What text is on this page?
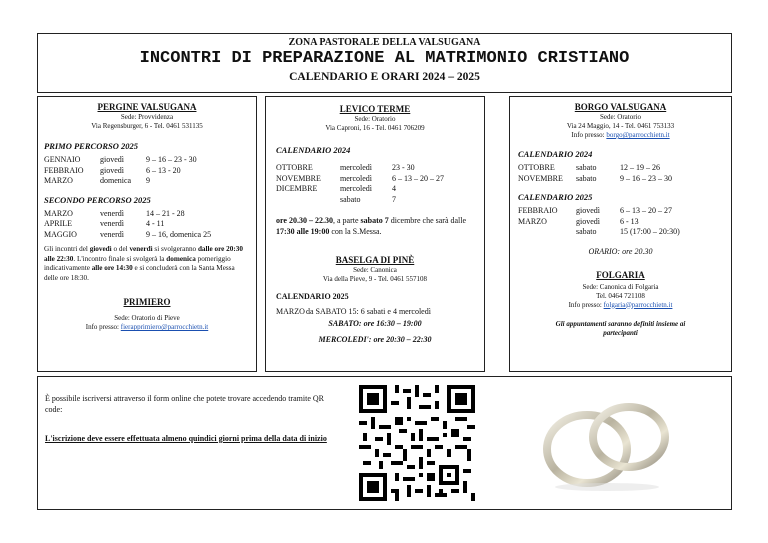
ZONA PASTORALE DELLA VALSUGANA
INCONTRI DI PREPARAZIONE AL MATRIMONIO CRISTIANO
CALENDARIO E ORARI 2024 – 2025
PERGINE VALSUGANA
Sede: Provvidenza
Via Regensburger, 6 - Tel. 0461 531135
PRIMO PERCORSO 2025
GENNAIO	giovedì	9 – 16 – 23 - 30
FEBBRAIO	giovedì	6 – 13 - 20
MARZO	domenica	9
SECONDO PERCORSO 2025
MARZO	venerdì	14 – 21 - 28
APRILE	venerdì	4 - 11
MAGGIO	venerdì	9 – 16, domenica 25
Gli incontri del giovedì o del venerdì si svolgeranno dalle ore 20:30 alle 22:30. L'incontro finale si svolgerà la domenica pomeriggio indicativamente alle ore 14:30 e si concluderà con la Santa Messa delle ore 18:30.
PRIMIERO
Sede: Oratorio di Pieve
Info presso: fierapprimiero@parrocchietn.it
LEVICO TERME
Sede: Oratorio
Via Caproni, 16 - Tel. 0461 706209
CALENDARIO 2024
OTTOBRE	mercoledì	23 - 30
NOVEMBRE	mercoledì	6 – 13 – 20 – 27
DICEMBRE	mercoledì	4
sabato	7
ore 20.30 – 22.30, a parte sabato 7 dicembre che sarà dalle 17:30 alle 19:00 con la S.Messa.
BASELGA DI PINÈ
Sede: Canonica
Via della Pieve, 9 - Tel. 0461 557108
CALENDARIO 2025
MARZO da SABATO 15: 6 sabati e 4 mercoledì
SABATO: ore 16:30 – 19:00
MERCOLEDI': ore 20:30 – 22:30
BORGO VALSUGANA
Sede: Oratorio
Via 24 Maggio, 14 - Tel. 0461 753133
Info presso: borgo@parrocchietn.it
CALENDARIO 2024
OTTOBRE	sabato	12 – 19 – 26
NOVEMBRE	sabato	9 – 16 – 23 – 30
CALENDARIO 2025
FEBBRAIO	giovedì	6 – 13 – 20 – 27
MARZO	giovedì	6 - 13
sabato	15 (17:00 – 20:30)
ORARIO: ore 20.30
FOLGARIA
Sede: Canonica di Folgaria
Tel. 0464 721108
Info presso: folgaria@parrocchietn.it
Gli appuntamenti saranno definiti insieme ai partecipanti
È possibile iscriversi attraverso il form online che potete trovare accedendo tramite QR code:
L'iscrizione deve essere effettuata almeno quindici giorni prima della data di inizio
